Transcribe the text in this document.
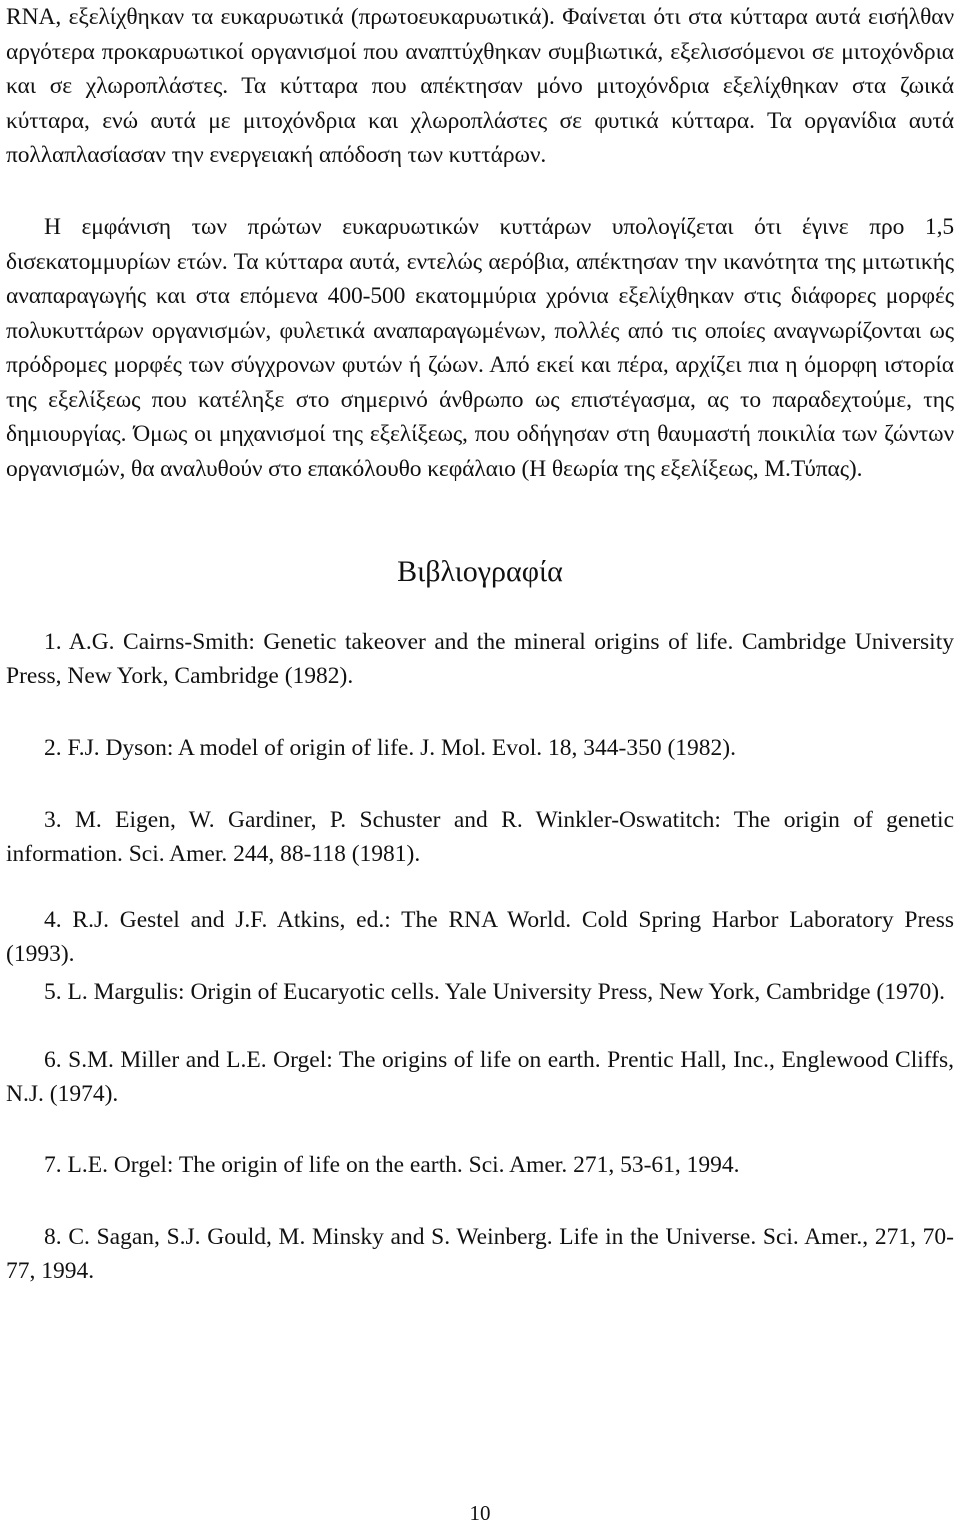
RNA, εξελίχθηκαν τα ευκαρυωτικά (πρωτοευκαρυωτικά). Φαίνεται ότι στα κύτταρα αυτά εισήλθαν αργότερα προκαρυωτικοί οργανισμοί που αναπτύχθηκαν συμβιωτικά, εξελισσόμενοι σε μιτοχόνδρια και σε χλωροπλάστες. Τα κύτταρα που απέκτησαν μόνο μιτοχόνδρια εξελίχθηκαν στα ζωικά κύτταρα, ενώ αυτά με μιτοχόνδρια και χλωροπλάστες σε φυτικά κύτταρα. Τα οργανίδια αυτά πολλαπλασίασαν την ενεργειακή απόδοση των κυττάρων.

Η εμφάνιση των πρώτων ευκαρυωτικών κυττάρων υπολογίζεται ότι έγινε προ 1,5 δισεκατομμυρίων ετών. Τα κύτταρα αυτά, εντελώς αερόβια, απέκτησαν την ικανότητα της μιτωτικής αναπαραγωγής και στα επόμενα 400-500 εκατομμύρια χρόνια εξελίχθηκαν στις διάφορες μορφές πολυκυττάρων οργανισμών, φυλετικά αναπαραγωμένων, πολλές από τις οποίες αναγνωρίζονται ως πρόδρομες μορφές των σύγχρονων φυτών ή ζώων. Από εκεί και πέρα, αρχίζει πια η όμορφη ιστορία της εξελίξεως που κατέληξε στο σημερινό άνθρωπο ως επιστέγασμα, ας το παραδεχτούμε, της δημιουργίας. Όμως οι μηχανισμοί της εξελίξεως, που οδήγησαν στη θαυμαστή ποικιλία των ζώντων οργανισμών, θα αναλυθούν στο επακόλουθο κεφάλαιο (Η θεωρία της εξελίξεως, Μ.Τύπας).

Βιβλιογραφία

1. A.G. Cairns-Smith: Genetic takeover and the mineral origins of life. Cambridge University Press, New York, Cambridge (1982).

2. F.J. Dyson: A model of origin of life. J. Mol. Evol. 18, 344-350 (1982).

3. M. Eigen, W. Gardiner, P. Schuster and R. Winkler-Oswatitch: The origin of genetic information. Sci. Amer. 244, 88-118 (1981).

4. R.J. Gestel and J.F. Atkins, ed.: The RNA World. Cold Spring Harbor Laboratory Press (1993).

5. L. Margulis: Origin of Eucaryotic cells. Yale University Press, New York, Cambridge (1970).

6. S.M. Miller and L.E. Orgel: The origins of life on earth. Prentic Hall, Inc., Englewood Cliffs, N.J. (1974).

7. L.E. Orgel: The origin of life on the earth. Sci. Amer. 271, 53-61, 1994.

8. C. Sagan, S.J. Gould, M. Minsky and S. Weinberg. Life in the Universe. Sci. Amer., 271, 70-77, 1994.

10
